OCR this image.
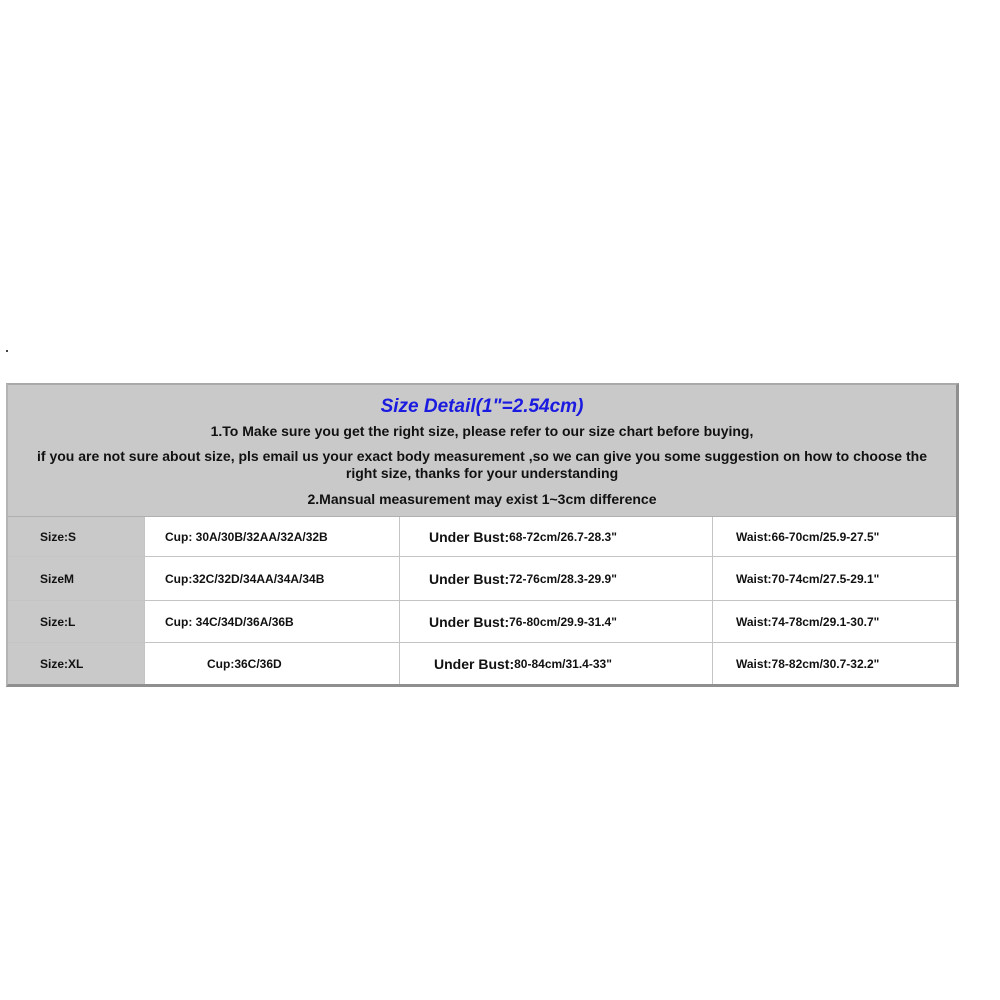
Size Detail(1"=2.54cm)

1.To Make sure you get the right size, please refer to our size chart before buying,

if you are not sure about size, pls email us your exact body measurement ,so we can give you some suggestion on how to choose the right size, thanks for your understanding

2.Mansual measurement may exist 1~3cm difference

Size:S	Cup: 30A/30B/32AA/32A/32B	Under Bust: 68-72cm/26.7-28.3"	Waist:66-70cm/25.9-27.5"
SizeM	Cup:32C/32D/34AA/34A/34B	Under Bust: 72-76cm/28.3-29.9"	Waist:70-74cm/27.5-29.1"
Size:L	Cup: 34C/34D/36A/36B	Under Bust: 76-80cm/29.9-31.4"	Waist:74-78cm/29.1-30.7"
Size:XL	Cup:36C/36D	Under Bust: 80-84cm/31.4-33"	Waist:78-82cm/30.7-32.2"
